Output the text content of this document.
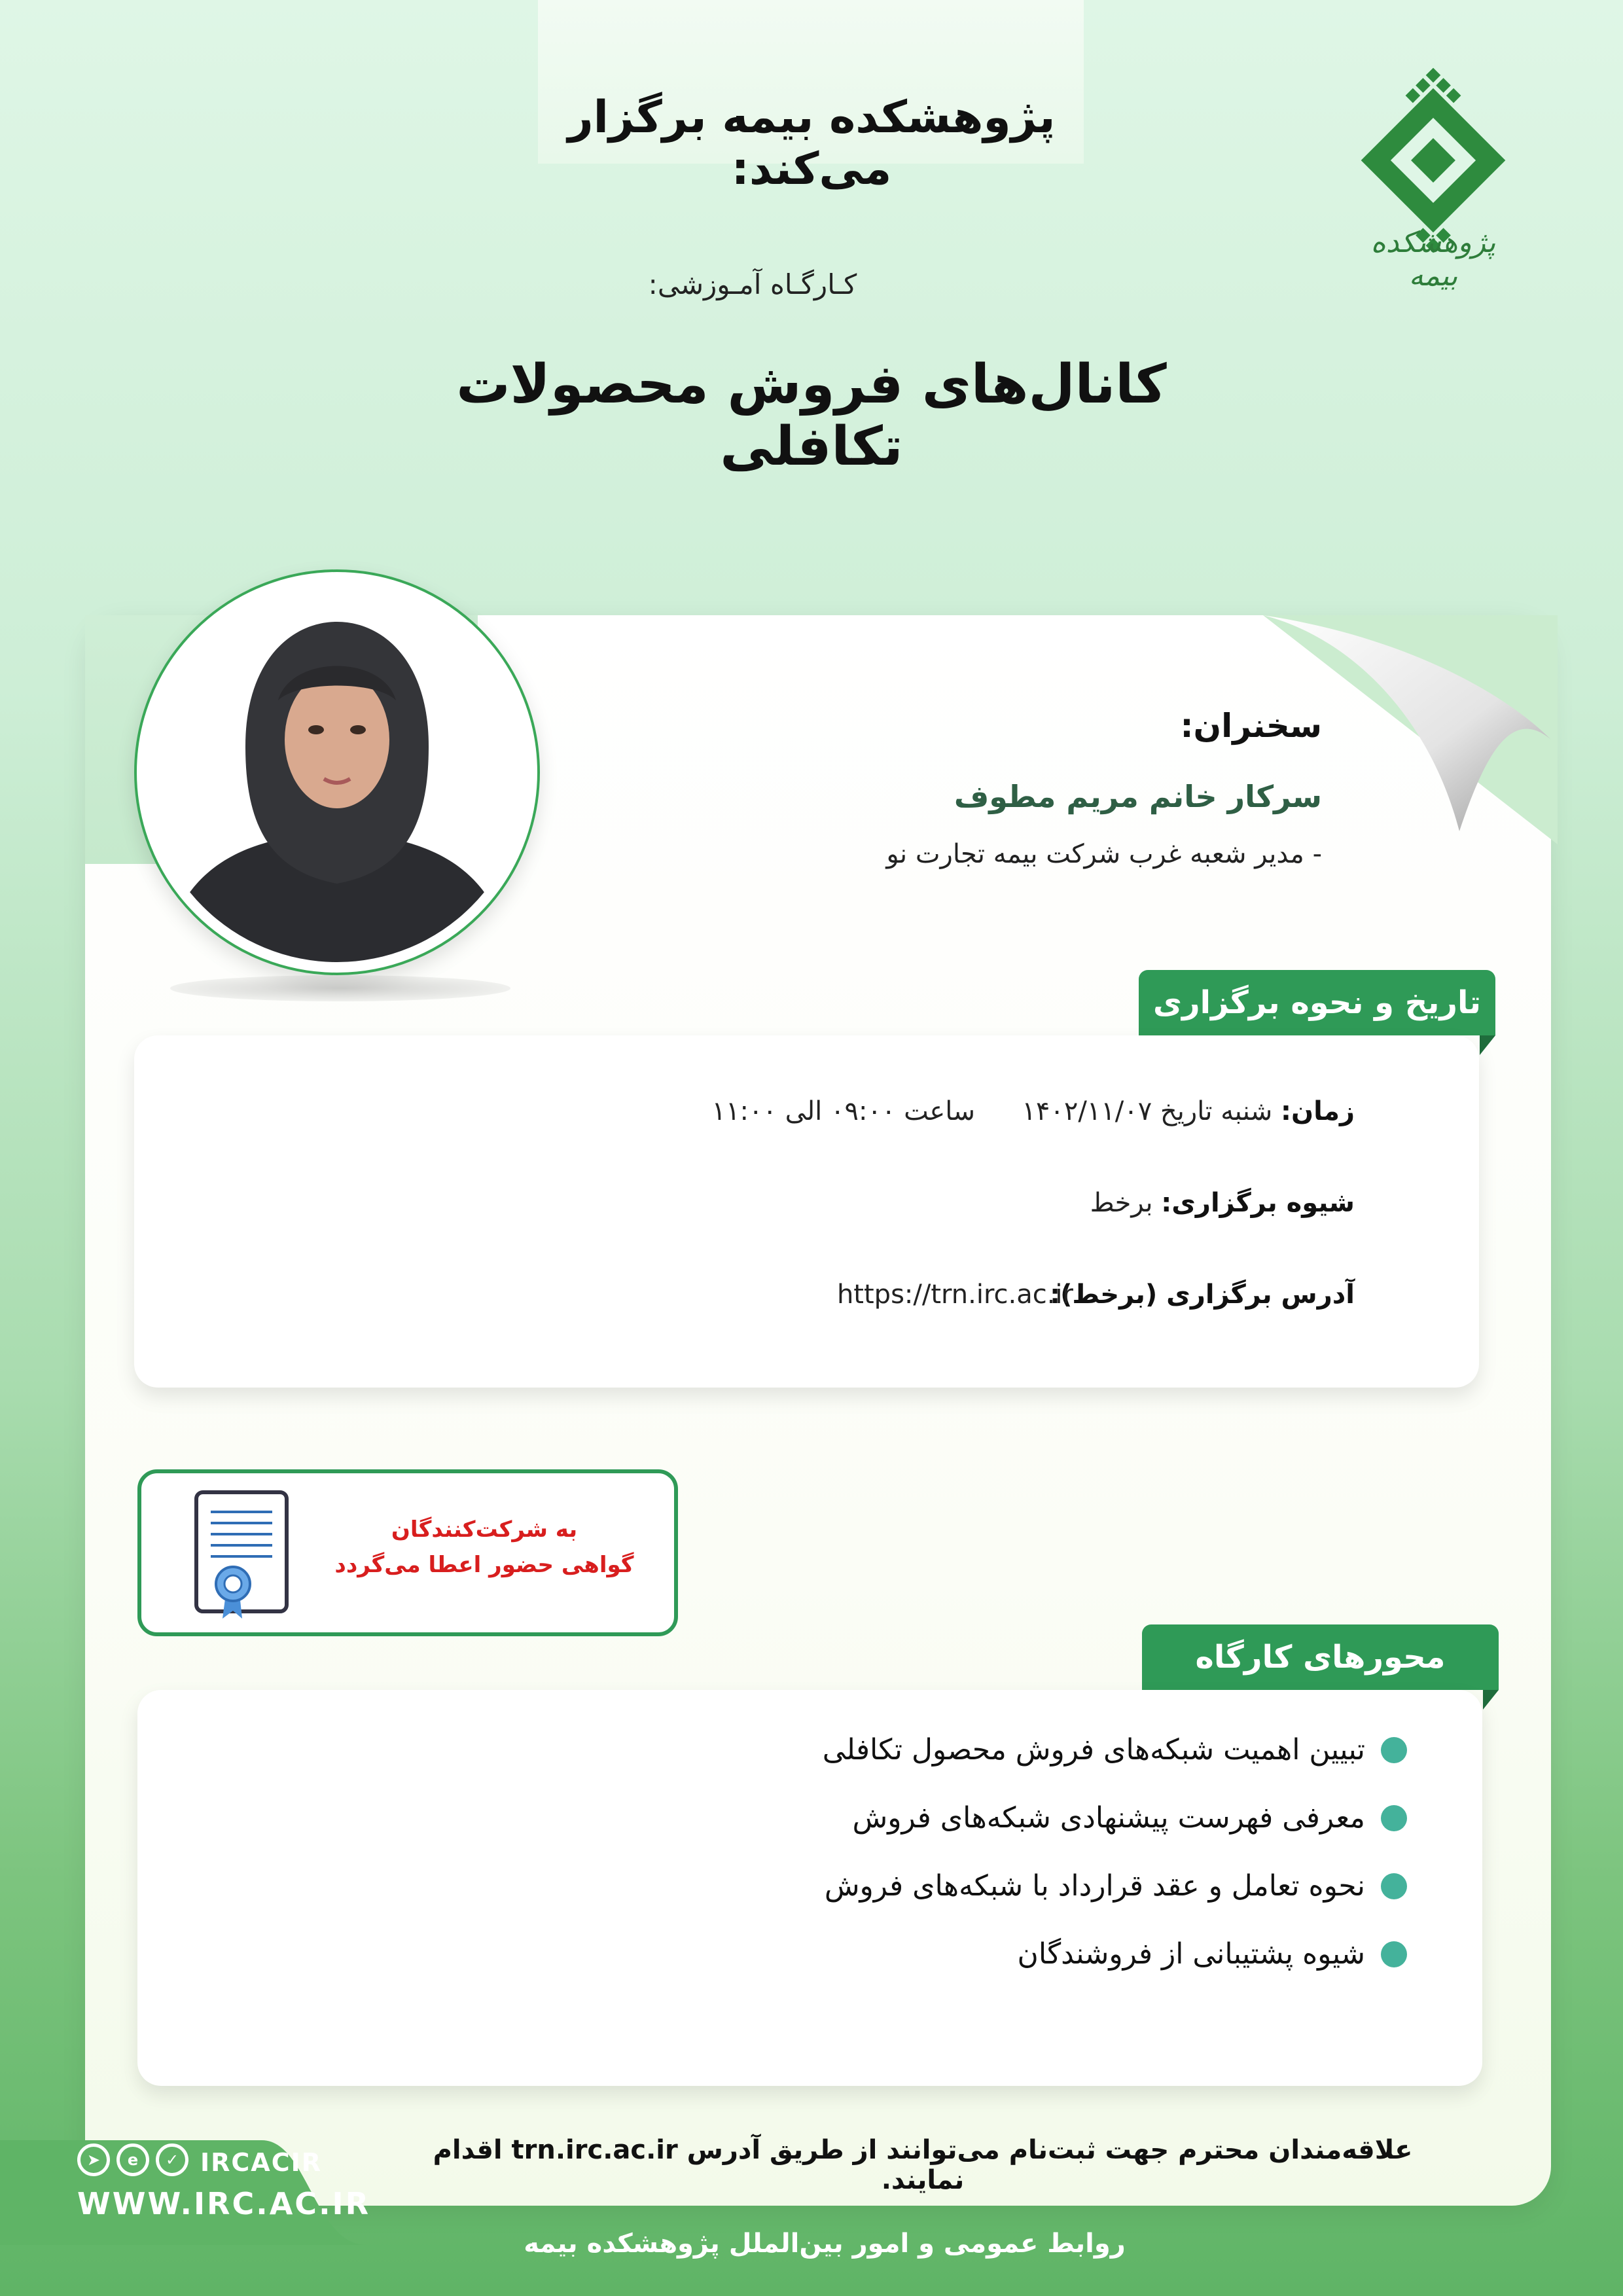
پژوهشکده بیمه برگزار می‌کند:
پژوهشکده بیمه
کـارگـاه آمـوزشی:
کانال‌های فروش محصولات تکافلی
سخنران:
سرکار خانم مریم مطوف
- مدیر شعبه غرب شرکت بیمه تجارت نو
تاریخ و نحوه برگزاری
زمان: شنبه تاریخ ۱۴۰۲/۱۱/۰۷
ساعت ۰۹:۰۰ الی ۱۱:۰۰
شیوه برگزاری: برخط
آدرس برگزاری (برخط):
https://trn.irc.ac.ir
به شرکت‌کنندگان
گواهی حضور اعطا می‌گردد
محورهای کارگاه
تبیین اهمیت شبکه‌های فروش محصول تکافلی
معرفی فهرست پیشنهادی شبکه‌های فروش
نحوه تعامل و عقد قرارداد با شبکه‌های فروش
شیوه پشتیبانی از فروشندگان
➤	e	✓ IRCACIR
WWW.IRC.AC.IR
علاقه‌مندان محترم جهت ثبت‌نام می‌توانند از طریق آدرس trn.irc.ac.ir اقدام نمایند.
روابط عمومی و امور بین‌الملل پژوهشکده بیمه
